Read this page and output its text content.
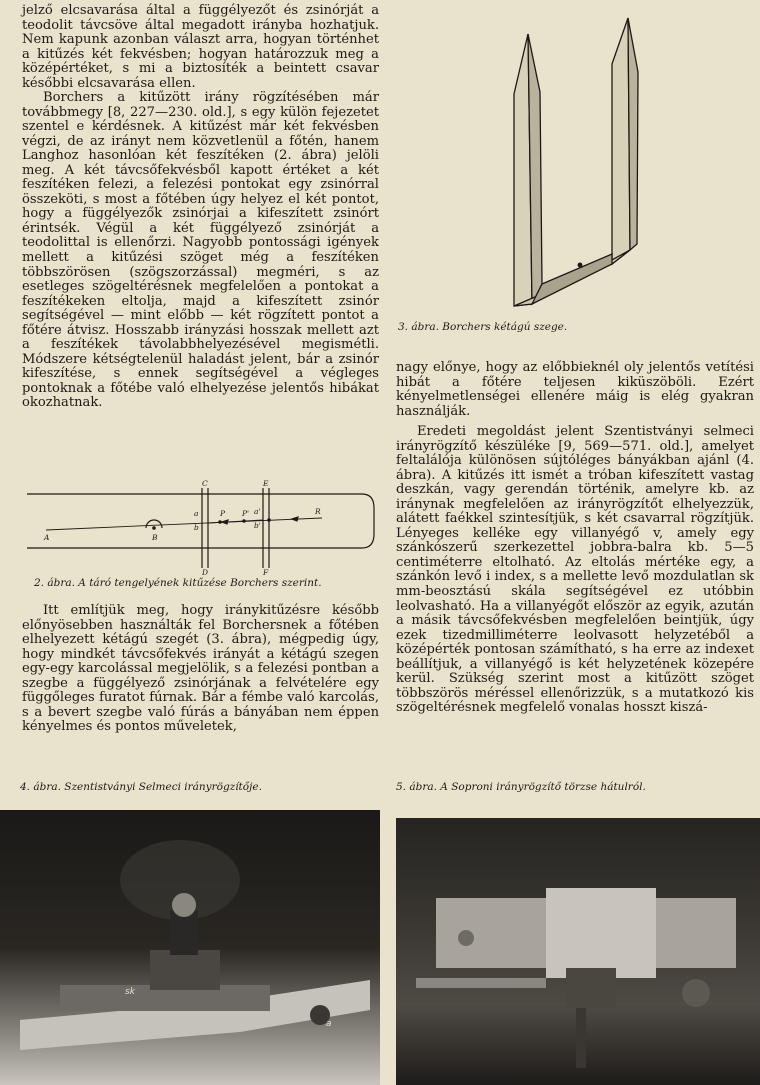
jelző elcsavarása által a függélyezőt és zsinórját a teodolit távcsöve által megadott irányba hozhatjuk. Nem kapunk azonban választ arra, hogyan történhet a kitűzés két fekvésben; hogyan határozzuk meg a középértéket, s mi a biztosíték a beintett csavar későbbi elcsavarása ellen.

Borchers a kitűzött irány rögzítésében már továbbmegy [8, 227—230. old.], s egy külön fejezetet szentel e kérdésnek. A kitűzést már két fekvésben végzi, de az irányt nem közvetlenül a főtén, hanem Langhoz hasonlóan két feszítéken (2. ábra) jelöli meg. A két távcsőfekvésből kapott értéket a két feszítéken felezi, a felezési pontokat egy zsinórral összeköti, s most a főtében úgy helyez el két pontot, hogy a függélyezők zsinórjai a kifeszített zsinórt érintsék. Végül a két függélyező zsinórját a teodolittal is ellenőrzi. Nagyobb pontossági igények mellett a kitűzési szöget még a feszítéken többszörösen (szögszorzással) megméri, s az esetleges szögeltérésnek megfelelően a pontokat a feszítékeken eltolja, majd a kifeszített zsinór segítségével — mint előbb — két rögzített pontot a főtére átvisz. Hosszabb irányzási hosszak mellett azt a feszítékek távolabbhelyezésével megismétli. Módszere kétségtelenül haladást jelent, bár a zsinór kifeszítése, s ennek segítségével a végleges pontoknak a főtébe való elhelyezése jelentős hibákat okozhatnak.

A	B
C
D
E
F
a
b
P P' a'
b'
R

2. ábra. A táró tengelyének kitűzése Borchers szerint.

Itt említjük meg, hogy iránykitűzésre később előnyösebben használták fel Borchersnek a főtében elhelyezett kétágú szegét (3. ábra), mégpedig úgy, hogy mindkét távcsőfekvés irányát a kétágú szegen egy-egy karcolással megjelölik, s a felezési pontban a szegbe a függélyező zsinórjának a felvételére egy függőleges furatot fúrnak. Bár a fémbe való karcolás, s a bevert szegbe való fúrás a bányában nem éppen kényelmes és pontos műveletek,

4. ábra. Szentistványi Selmeci irányrögzítője.

3. ábra. Borchers kétágú szege.

nagy előnye, hogy az előbbieknél oly jelentős vetítési hibát a főtére teljesen kiküszöböli. Ezért kényelmetlenségei ellenére máig is elég gyakran használják.

Eredeti megoldást jelent Szentistványi selmeci irányrögzítő készüléke [9, 569—571. old.], amelyet feltalálója különösen sújtóléges bányákban ajánl (4. ábra). A kitűzés itt ismét a tróban kifeszített vastag deszkán, vagy gerendán történik, amelyre kb. az iránynak megfelelően az irányrögzítőt elhelyezzük, alátett faékkel szintesítjük, s két csavarral rögzítjük. Lényeges kelléke egy villanyégő v, amely egy szánkószerű szerkezettel jobbra-balra kb. 5—5 centiméterre eltolható. Az eltolás mértéke egy, a szánkón levő i index, s a mellette levő mozdulatlan sk mm-beosztású skála segítségével ez utóbbin leolvasható. Ha a villanyégőt először az egyik, azután a másik távcsőfekvésben megfelelően beintjük, úgy ezek tizedmilliméterre leolvasott helyzetéből a középérték pontosan számítható, s ha erre az indexet beállítjuk, a villanyégő is két helyzetének közepére kerül. Szükség szerint most a kitűzött szöget többszörös méréssel ellenőrizzük, s a mutatkozó kis szögeltérésnek megfelelő vonalas hosszt kiszá-

5. ábra. A Soproni irányrögzítő törzse hátulról.

sk
a
